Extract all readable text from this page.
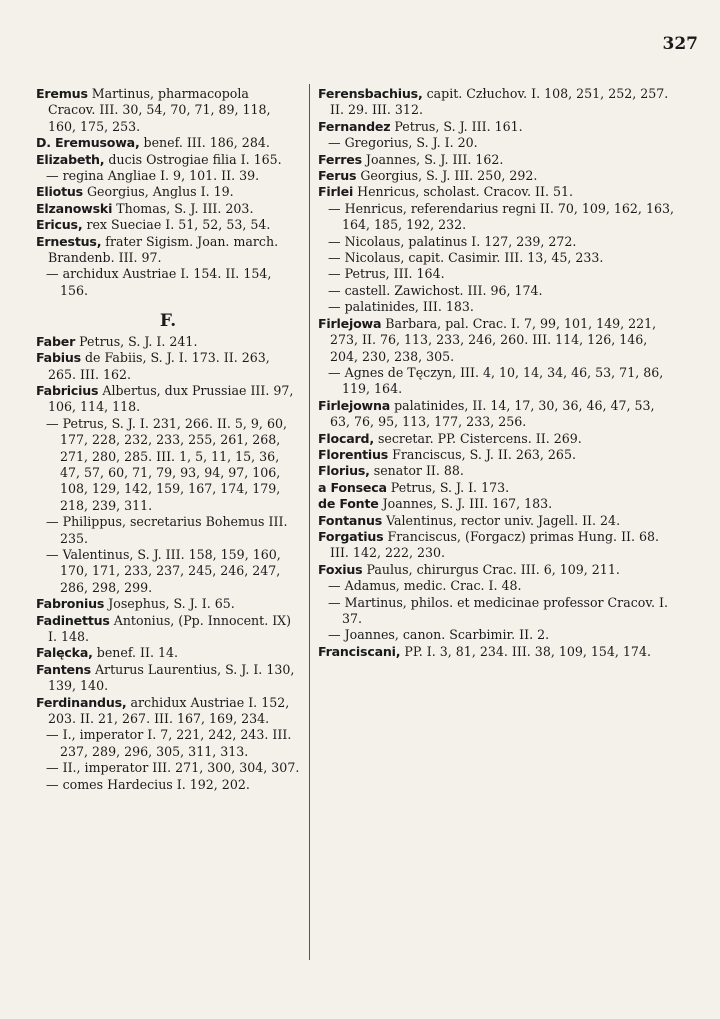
327

Eremus Martinus, pharmacopola Cracov. III. 30, 54, 70, 71, 89, 118, 160, 175, 253.

D. Eremusowa, benef. III. 186, 284.

Elizabeth, ducis Ostrogiae filia I. 165.

— regina Angliae I. 9, 101. II. 39.

Eliotus Georgius, Anglus I. 19.

Elzanowski Thomas, S. J. III. 203.

Ericus, rex Sueciae I. 51, 52, 53, 54.

Ernestus, frater Sigism. Joan. march. Brandenb. III. 97.

— archidux Austriae I. 154. II. 154, 156.

F.

Faber Petrus, S. J. I. 241.

Fabius de Fabiis, S. J. I. 173. II. 263, 265. III. 162.

Fabricius Albertus, dux Prussiae III. 97, 106, 114, 118.

— Petrus, S. J. I. 231, 266. II. 5, 9, 60, 177, 228, 232, 233, 255, 261, 268, 271, 280, 285. III. 1, 5, 11, 15, 36, 47, 57, 60, 71, 79, 93, 94, 97, 106, 108, 129, 142, 159, 167, 174, 179, 218, 239, 311.

— Philippus, secretarius Bohemus III. 235.

— Valentinus, S. J. III. 158, 159, 160, 170, 171, 233, 237, 245, 246, 247, 286, 298, 299.

Fabronius Josephus, S. J. I. 65.

Fadinettus Antonius, (Pp. Innocent. IX) I. 148.

Falęcka, benef. II. 14.

Fantens Arturus Laurentius, S. J. I. 130, 139, 140.

Ferdinandus, archidux Austriae I. 152, 203. II. 21, 267. III. 167, 169, 234.

— I., imperator I. 7, 221, 242, 243. III. 237, 289, 296, 305, 311, 313.

— II., imperator III. 271, 300, 304, 307.

— comes Hardecius I. 192, 202.

Ferensbachius, capit. Człuchov. I. 108, 251, 252, 257. II. 29. III. 312.

Fernandez Petrus, S. J. III. 161.

— Gregorius, S. J. I. 20.

Ferres Joannes, S. J. III. 162.

Ferus Georgius, S. J. III. 250, 292.

Firlei Henricus, scholast. Cracov. II. 51.

— Henricus, referendarius regni II. 70, 109, 162, 163, 164, 185, 192, 232.

— Nicolaus, palatinus I. 127, 239, 272.

— Nicolaus, capit. Casimir. III. 13, 45, 233.

— Petrus, III. 164.

— castell. Zawichost. III. 96, 174.

— palatinides, III. 183.

Firlejowa Barbara, pal. Crac. I. 7, 99, 101, 149, 221, 273, II. 76, 113, 233, 246, 260. III. 114, 126, 146, 204, 230, 238, 305.

— Agnes de Tęczyn, III. 4, 10, 14, 34, 46, 53, 71, 86, 119, 164.

Firlejowna palatinides, II. 14, 17, 30, 36, 46, 47, 53, 63, 76, 95, 113, 177, 233, 256.

Flocard, secretar. PP. Cistercens. II. 269.

Florentius Franciscus, S. J. II. 263, 265.

Florius, senator II. 88.

a Fonseca Petrus, S. J. I. 173.

de Fonte Joannes, S. J. III. 167, 183.

Fontanus Valentinus, rector univ. Jagell. II. 24.

Forgatius Franciscus, (Forgacz) primas Hung. II. 68. III. 142, 222, 230.

Foxius Paulus, chirurgus Crac. III. 6, 109, 211.

— Adamus, medic. Crac. I. 48.

— Martinus, philos. et medicinae professor Cracov. I. 37.

— Joannes, canon. Scarbimir. II. 2.

Franciscani, PP. I. 3, 81, 234. III. 38, 109, 154, 174.
